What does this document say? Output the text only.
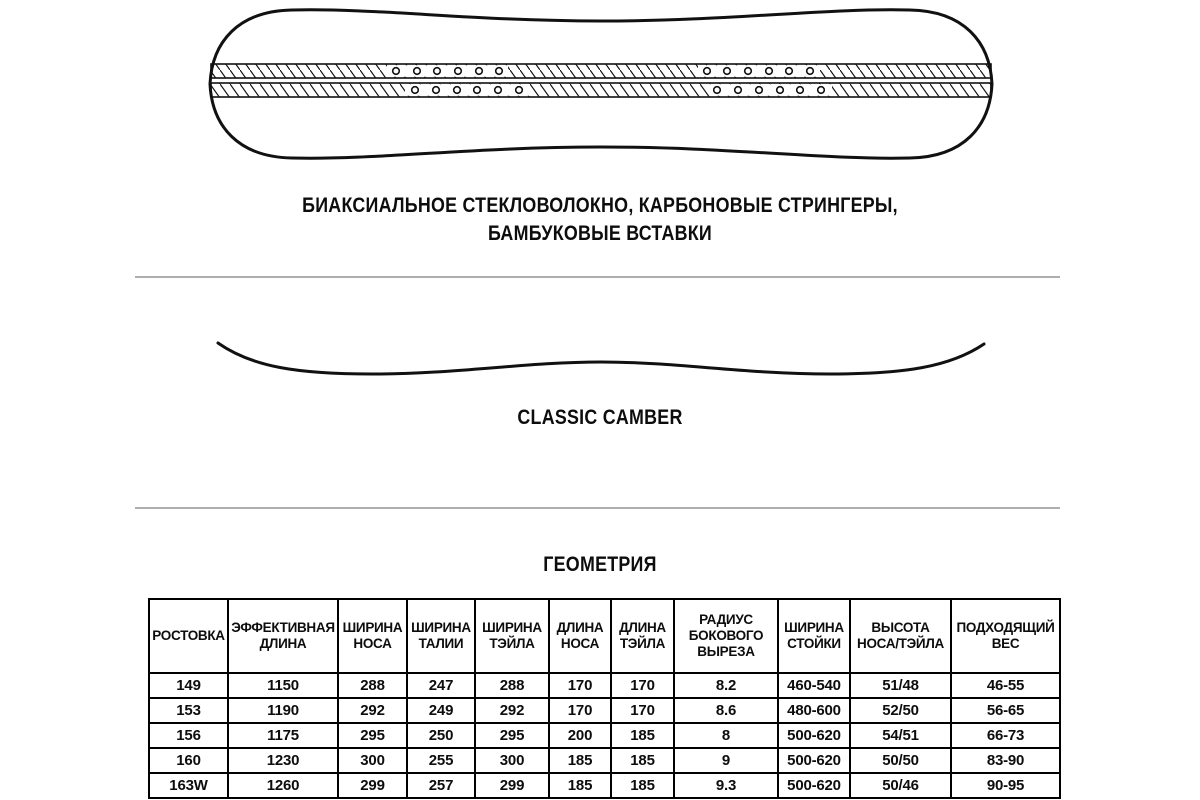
БИАКСИАЛЬНОЕ СТЕКЛОВОЛОКНО, КАРБОНОВЫЕ СТРИНГЕРЫ,
БАМБУКОВЫЕ ВСТАВКИ
CLASSIC CAMBER
ГЕОМЕТРИЯ
РОСТОВКА	ЭФФЕКТИВНАЯ ДЛИНА	ШИРИНА НОСА	ШИРИНА ТАЛИИ	ШИРИНА ТЭЙЛА	ДЛИНА НОСА	ДЛИНА ТЭЙЛА	РАДИУС БОКОВОГО ВЫРЕЗА	ШИРИНА СТОЙКИ	ВЫСОТА НОСА/ТЭЙЛА	ПОДХОДЯЩИЙ ВЕС
149	1150	288	247	288	170	170	8.2	460-540	51/48	46-55
153	1190	292	249	292	170	170	8.6	480-600	52/50	56-65
156	1175	295	250	295	200	185	8	500-620	54/51	66-73
160	1230	300	255	300	185	185	9	500-620	50/50	83-90
163W	1260	299	257	299	185	185	9.3	500-620	50/46	90-95
